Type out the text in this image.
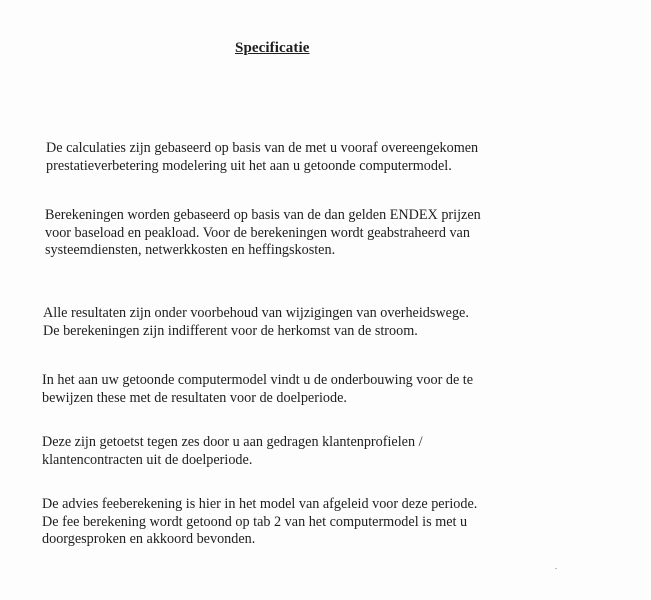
Specificatie

De calculaties zijn gebaseerd op basis van de met u vooraf overeengekomen
prestatieverbetering modelering uit het aan u getoonde computermodel.

Berekeningen worden gebaseerd op basis van de dan gelden ENDEX prijzen
voor baseload en peakload. Voor de berekeningen wordt geabstraheerd van
systeemdiensten, netwerkkosten en heffingskosten.

Alle resultaten zijn onder voorbehoud van wijzigingen van overheidswege.
De berekeningen zijn indifferent voor de herkomst van de stroom.

In het aan uw getoonde computermodel vindt u de onderbouwing voor de te
bewijzen these met de resultaten voor de doelperiode.

Deze zijn getoetst tegen zes door u aan gedragen klantenprofielen /
klantencontracten uit de doelperiode.

De advies feeberekening is hier in het model van afgeleid voor deze periode.
De fee berekening wordt getoond op tab 2 van het computermodel is met u
doorgesproken en akkoord bevonden.
